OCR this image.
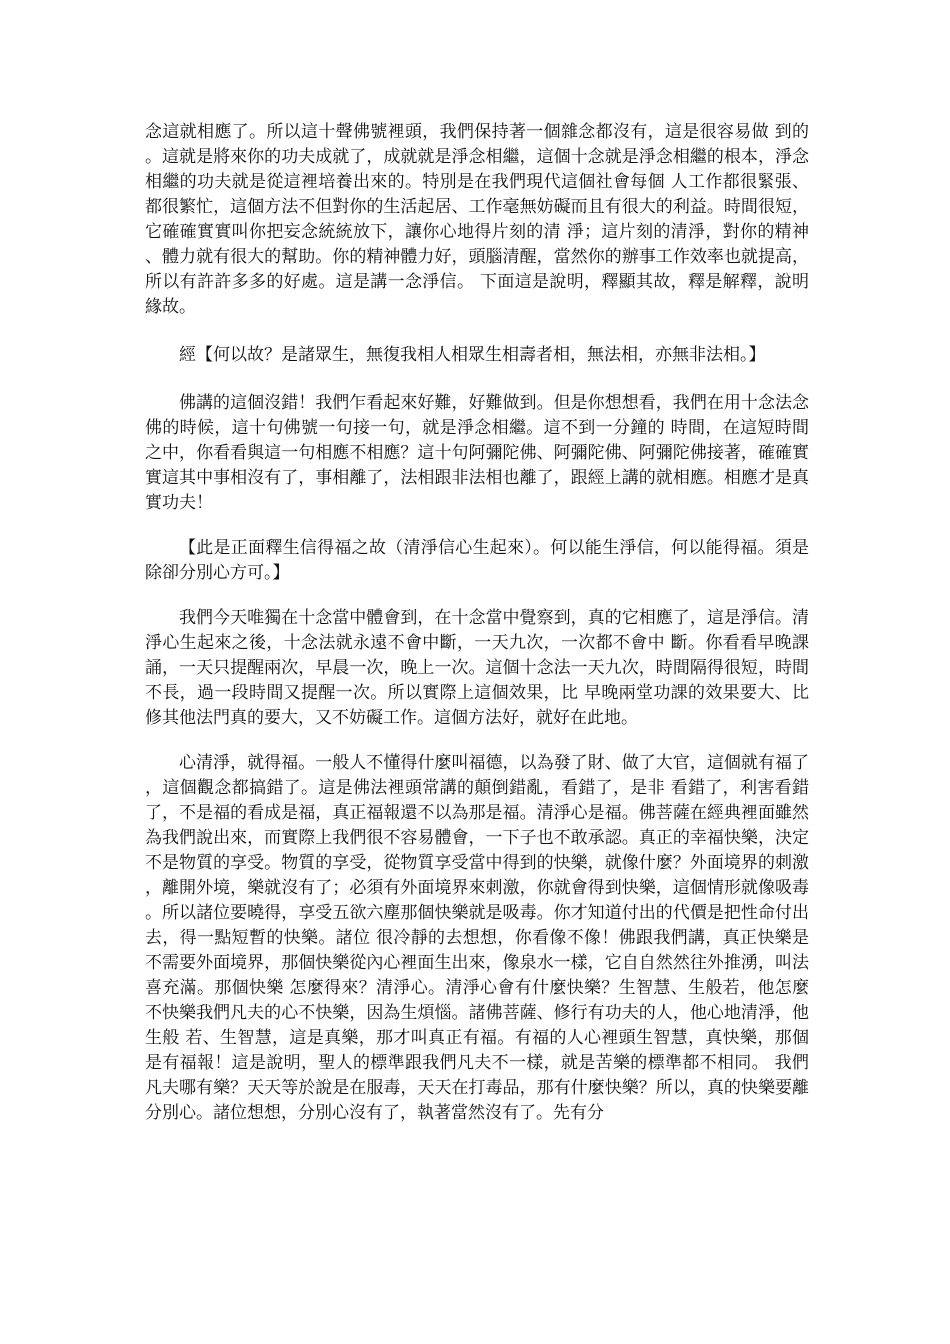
念這就相應了。所以這十聲佛號裡頭，我們保持著一個雜念都沒有，這是很容易做 到的。這就是將來你的功夫成就了，成就就是淨念相繼，這個十念就是淨念相繼的根本，淨念相繼的功夫就是從這裡培養出來的。特別是在我們現代這個社會每個 人工作都很緊張、都很繁忙，這個方法不但對你的生活起居、工作毫無妨礙而且有很大的利益。時間很短，它確確實實叫你把妄念統統放下，讓你心地得片刻的清 淨；這片刻的清淨，對你的精神、體力就有很大的幫助。你的精神體力好，頭腦清醒，當然你的辦事工作效率也就提高，所以有許許多多的好處。這是講一念淨信。 下面這是說明，釋顯其故，釋是解釋，說明緣故。

經【何以故？是諸眾生，無復我相人相眾生相壽者相，無法相，亦無非法相。】

佛講的這個沒錯！我們乍看起來好難，好難做到。但是你想想看，我們在用十念法念佛的時候，這十句佛號一句接一句，就是淨念相繼。這不到一分鐘的 時間，在這短時間之中，你看看與這一句相應不相應？這十句阿彌陀佛、阿彌陀佛、阿彌陀佛接著，確確實實這其中事相沒有了，事相離了，法相跟非法相也離了，跟經上講的就相應。相應才是真實功夫！

【此是正面釋生信得福之故（清淨信心生起來）。何以能生淨信，何以能得福。須是除卻分別心方可。】

我們今天唯獨在十念當中體會到，在十念當中覺察到，真的它相應了，這是淨信。清淨心生起來之後，十念法就永遠不會中斷，一天九次，一次都不會中 斷。你看看早晚課誦，一天只提醒兩次，早晨一次，晚上一次。這個十念法一天九次，時間隔得很短，時間不長，過一段時間又提醒一次。所以實際上這個效果，比 早晚兩堂功課的效果要大、比修其他法門真的要大，又不妨礙工作。這個方法好，就好在此地。

心清淨，就得福。一般人不懂得什麼叫福德，以為發了財、做了大官，這個就有福了，這個觀念都搞錯了。這是佛法裡頭常講的顛倒錯亂，看錯了，是非 看錯了，利害看錯了，不是福的看成是福，真正福報還不以為那是福。清淨心是福。佛菩薩在經典裡面雖然為我們說出來，而實際上我們很不容易體會，一下子也不敢承認。真正的幸福快樂，決定不是物質的享受。物質的享受，從物質享受當中得到的快樂，就像什麼？外面境界的刺激，離開外境，樂就沒有了；必須有外面境界來刺激，你就會得到快樂，這個情形就像吸毒。所以諸位要曉得，享受五欲六塵那個快樂就是吸毒。你才知道付出的代價是把性命付出去，得一點短暫的快樂。諸位 很冷靜的去想想，你看像不像！佛跟我們講，真正快樂是不需要外面境界，那個快樂從內心裡面生出來，像泉水一樣，它自自然然往外推湧，叫法喜充滿。那個快樂 怎麼得來？清淨心。清淨心會有什麼快樂？生智慧、生般若，他怎麼不快樂我們凡夫的心不快樂，因為生煩惱。諸佛菩薩、修行有功夫的人，他心地清淨，他生般 若、生智慧，這是真樂，那才叫真正有福。有福的人心裡頭生智慧，真快樂，那個是有福報！這是說明，聖人的標準跟我們凡夫不一樣，就是苦樂的標準都不相同。 我們凡夫哪有樂？天天等於說是在服毒，天天在打毒品，那有什麼快樂？所以，真的快樂要離分別心。諸位想想，分別心沒有了，執著當然沒有了。先有分
